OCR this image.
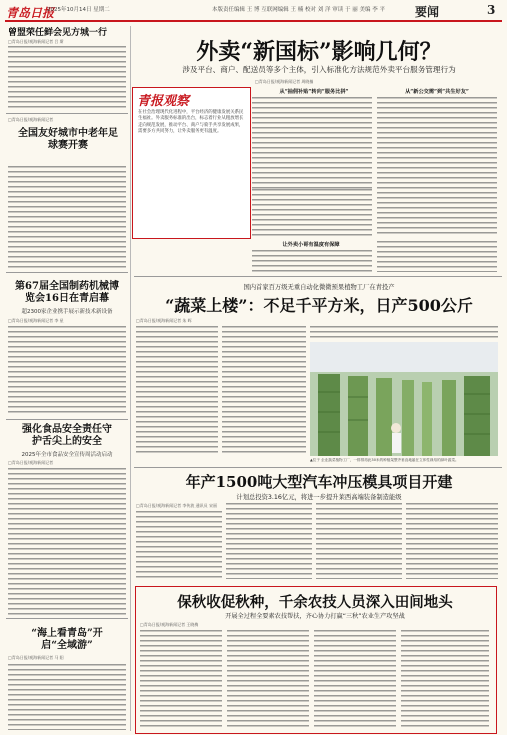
青岛日报
2025年10月14日 星期二	本版责任编辑 王 博 互联网编辑 王 楠 校对 刘 洋 审读 于 丽 美编 李 平	要闻	3
曾盟荣任鲜会见方城一行
□青岛日报/观海新闻记者 吕 斯
□青岛日报/观海新闻记者
全国友好城市中老年足球赛开赛
第67届全国制药机械博览会16日在青启幕
超2300家企业携手展示新技术新设备
□青岛日报/观海新闻记者 李 星
强化食品安全责任守护舌尖上的安全
2025年全市食品安全宣传周活动启动
□青岛日报/观海新闻记者
“海上看青岛”开启“全域游”
□青岛日报/观海新闻记者 马 阳
外卖“新国标”影响几何？
涉及平台、商户、配送员等多个主体，引入标准化方法规范外卖平台服务管理行为
□青岛日报/观海新闻记者 周晓楠
青报观察
在社会治理现代化进程中，平台经济的健康发展关系民生福祉。外卖服务标准的出台，标志着行业从粗放增长走向规范发展，推动平台、商户与骑手共享发展成果，需要多方共同努力，让外卖服务更有温度。
从“抽佣补贴”转向“服务比拼”	从“新公交需”到“共生好友”
让外卖小哥有温度有保障
国内首家百万级无重自动化微微预果植物工厂在青投产
“蔬菜上楼”：不足千平方米，日产500公斤
□青岛日报/观海新闻记者 朱 晖
▲位于 企业蔬菜植物工厂，一排排再此30米的种植架整齐垂直地悬在立体性栽培的绿叶蔬菜。
年产1500吨大型汽车冲压模具项目开建
计划总投资3.16亿元，将进一步提升莱西高端装备制造能级
□青岛日报/观海新闻记者 李传波 通讯员 宋丽
保秋收促秋种，千余农技人员深入田间地头
开展全过程全要素农技帮扶，齐心协力打赢“三秋”农业生产攻坚战
□青岛日报/观海新闻记者 王晓梅
